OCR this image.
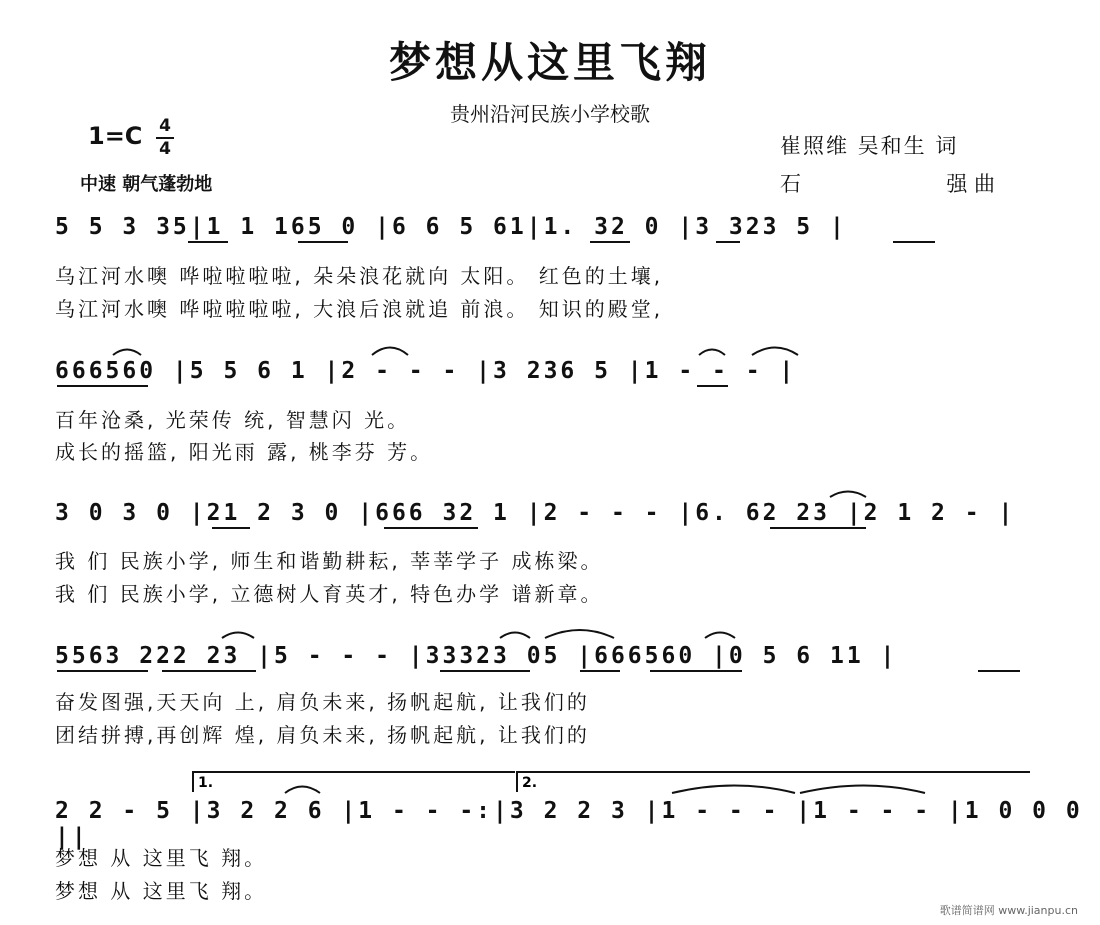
梦想从这里飞翔
贵州沿河民族小学校歌
1=C 4
4
中速 朝气蓬勃地
崔照维 吴和生 词
石	强 曲
5 5 3 35|1 1 165 0 |6 6 5 61|1. 32 0 |3 323 5 |
乌江河水噢 哗啦啦啦啦, 朵朵浪花就向 太阳。 红色的土壤,
乌江河水噢 哗啦啦啦啦, 大浪后浪就追 前浪。 知识的殿堂,
666560 |5 5 6 1 |2 - - - |3 236 5 |1 - - - |
百年沧桑, 光荣传 统, 智慧闪 光。
成长的摇篮, 阳光雨 露, 桃李芬 芳。
3 0 3 0 |21 2 3 0 |666 32 1 |2 - - - |6. 62 23 |2 1 2 - |
我 们 民族小学, 师生和谐勤耕耘, 莘莘学子 成栋梁。
我 们 民族小学, 立德树人育英才, 特色办学 谱新章。
5563 222 23 |5 - - - |33323 05 |666560 |0 5 6 11 |
奋发图强,天天向 上, 肩负未来, 扬帆起航, 让我们的
团结拼搏,再创辉 煌, 肩负未来, 扬帆起航, 让我们的
2 2 - 5 |3 2 2 6 |1 - - -:|3 2 2 3 |1 - - - |1 - - - |1 0 0 0 ||
梦想 从 这里飞 翔。
梦想 从 这里飞 翔。
1.	2.
歌谱简谱网 www.jianpu.cn
